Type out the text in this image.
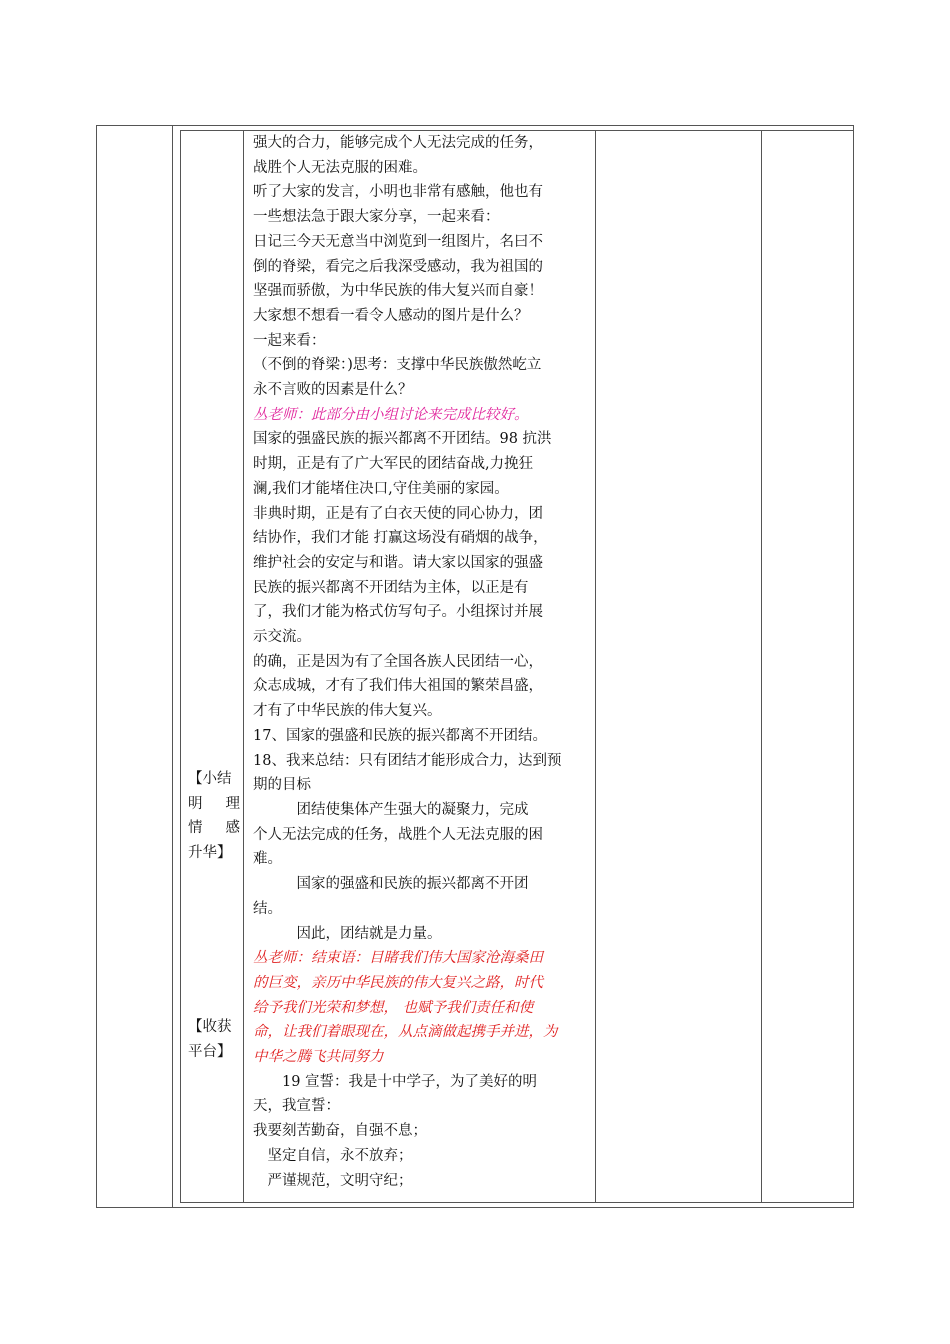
【小结

明 理

情 感

升华】

【收获

平台】

强大的合力，能够完成个人无法完成的任务，

战胜个人无法克服的困难。

听了大家的发言，小明也非常有感触，他也有

一些想法急于跟大家分享，一起来看：

日记三今天无意当中浏览到一组图片，名曰不

倒的脊梁，看完之后我深受感动，我为祖国的

坚强而骄傲，为中华民族的伟大复兴而自豪！

大家想不想看一看令人感动的图片是什么？

一起来看：

（不倒的脊梁：)思考：支撑中华民族傲然屹立

永不言败的因素是什么？

丛老师：此部分由小组讨论来完成比较好。

国家的强盛民族的振兴都离不开团结。98 抗洪

时期，正是有了广大军民的团结奋战,力挽狂

澜,我们才能堵住决口,守住美丽的家园。

非典时期，正是有了白衣天使的同心协力，团

结协作，我们才能 打赢这场没有硝烟的战争，

维护社会的安定与和谐。请大家以国家的强盛

民族的振兴都离不开团结为主体，以正是有

了，我们才能为格式仿写句子。小组探讨并展

示交流。

的确，正是因为有了全国各族人民团结一心，

众志成城，才有了我们伟大祖国的繁荣昌盛，

才有了中华民族的伟大复兴。

17、国家的强盛和民族的振兴都离不开团结。

18、我来总结：只有团结才能形成合力，达到预

期的目标

　　　团结使集体产生强大的凝聚力，完成

个人无法完成的任务，战胜个人无法克服的困

难。

　　　国家的强盛和民族的振兴都离不开团

结。

　　　因此，团结就是力量。

丛老师：结束语：目睹我们伟大国家沧海桑田

的巨变，亲历中华民族的伟大复兴之路，时代

给予我们光荣和梦想， 也赋予我们责任和使

命，让我们着眼现在，从点滴做起携手并进，为

中华之腾飞共同努力

　　19 宣誓：我是十中学子，为了美好的明

天，我宣誓：

我要刻苦勤奋，自强不息；

　坚定自信，永不放弃；

　严谨规范，文明守纪；
